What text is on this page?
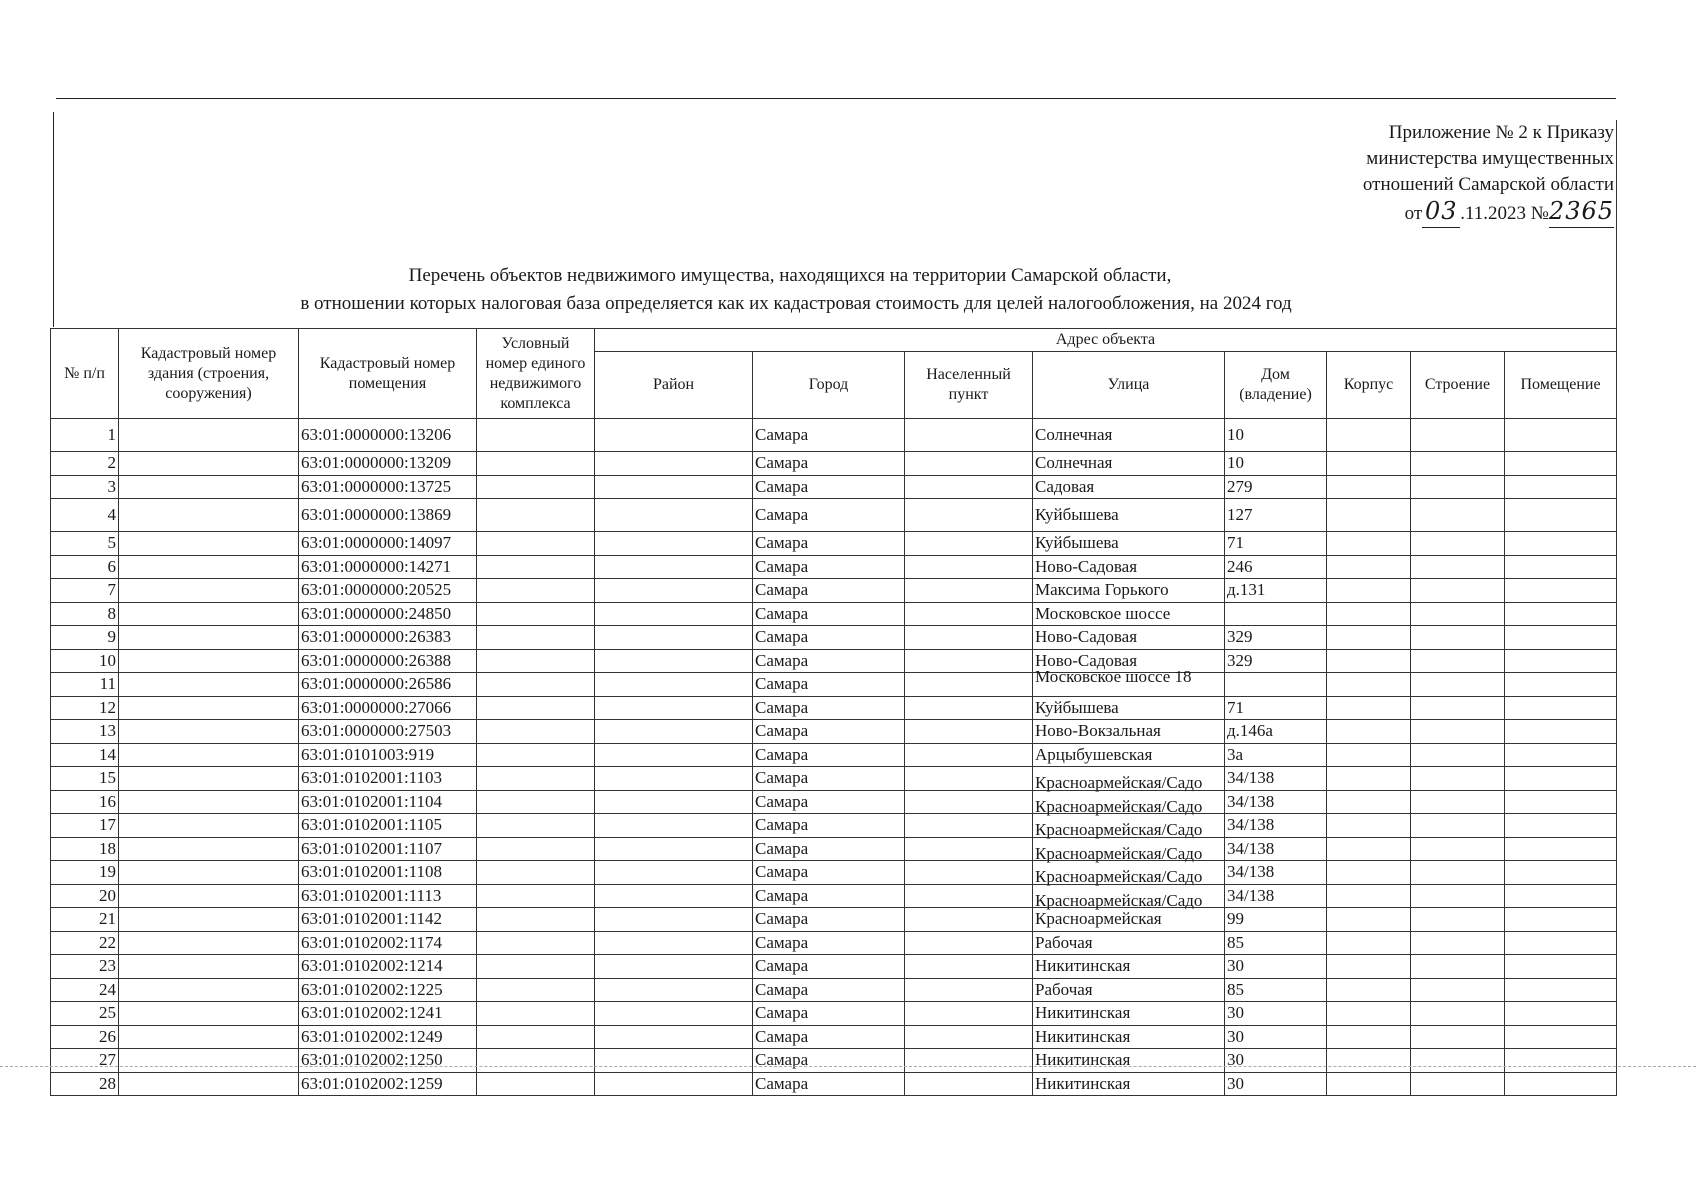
Приложение № 2 к Приказу
министерства имущественных
отношений Самарской области
от 03 .11.2023 №2365
Перечень объектов недвижимого имущества, находящихся на территории Самарской области,
в отношении которых налоговая база определяется как их кадастровая стоимость для целей налогообложения, на 2024 год
№ п/п	Кадастровый номер здания (строения, сооружения)	Кадастровый номер помещения	Условный номер единого недвижимого комплекса	Адрес объекта							
				Район	Город	Населенный пункт	Улица	Дом (владение)	Корпус	Строение	Помещение
1		63:01:0000000:13206			Самара		Солнечная	10			
2		63:01:0000000:13209			Самара		Солнечная	10			
3		63:01:0000000:13725			Самара		Садовая	279			
4		63:01:0000000:13869			Самара		Куйбышева	127			
5		63:01:0000000:14097			Самара		Куйбышева	71			
6		63:01:0000000:14271			Самара		Ново-Садовая	246			
7		63:01:0000000:20525			Самара		Максима Горького	д.131			
8		63:01:0000000:24850			Самара		Московское шоссе				
9		63:01:0000000:26383			Самара		Ново-Садовая	329			
10		63:01:0000000:26388			Самара		Ново-Садовая	329			
11		63:01:0000000:26586			Самара		Московское шоссе 18				

12		63:01:0000000:27066			Самара		Куйбышева	71			
13		63:01:0000000:27503			Самара		Ново-Вокзальная	д.146а			
14		63:01:0101003:919			Самара		Арцыбушевская	3а			
15		63:01:0102001:1103			Самара		Красноармейская/Садо	34/138			
16		63:01:0102001:1104			Самара		Красноармейская/Садо	34/138			
17		63:01:0102001:1105			Самара		Красноармейская/Садо	34/138			
18		63:01:0102001:1107			Самара		Красноармейская/Садо	34/138			
19		63:01:0102001:1108			Самара		Красноармейская/Садо	34/138			
20		63:01:0102001:1113			Самара		Красноармейская/Садо	34/138			
21		63:01:0102001:1142			Самара		Красноармейская	99			
22		63:01:0102002:1174			Самара		Рабочая	85			
23		63:01:0102002:1214			Самара		Никитинская	30			
24		63:01:0102002:1225			Самара		Рабочая	85			
25		63:01:0102002:1241			Самара		Никитинская	30			
26		63:01:0102002:1249			Самара		Никитинская	30			
27		63:01:0102002:1250			Самара		Никитинская	30			
28		63:01:0102002:1259			Самара		Никитинская	30			
